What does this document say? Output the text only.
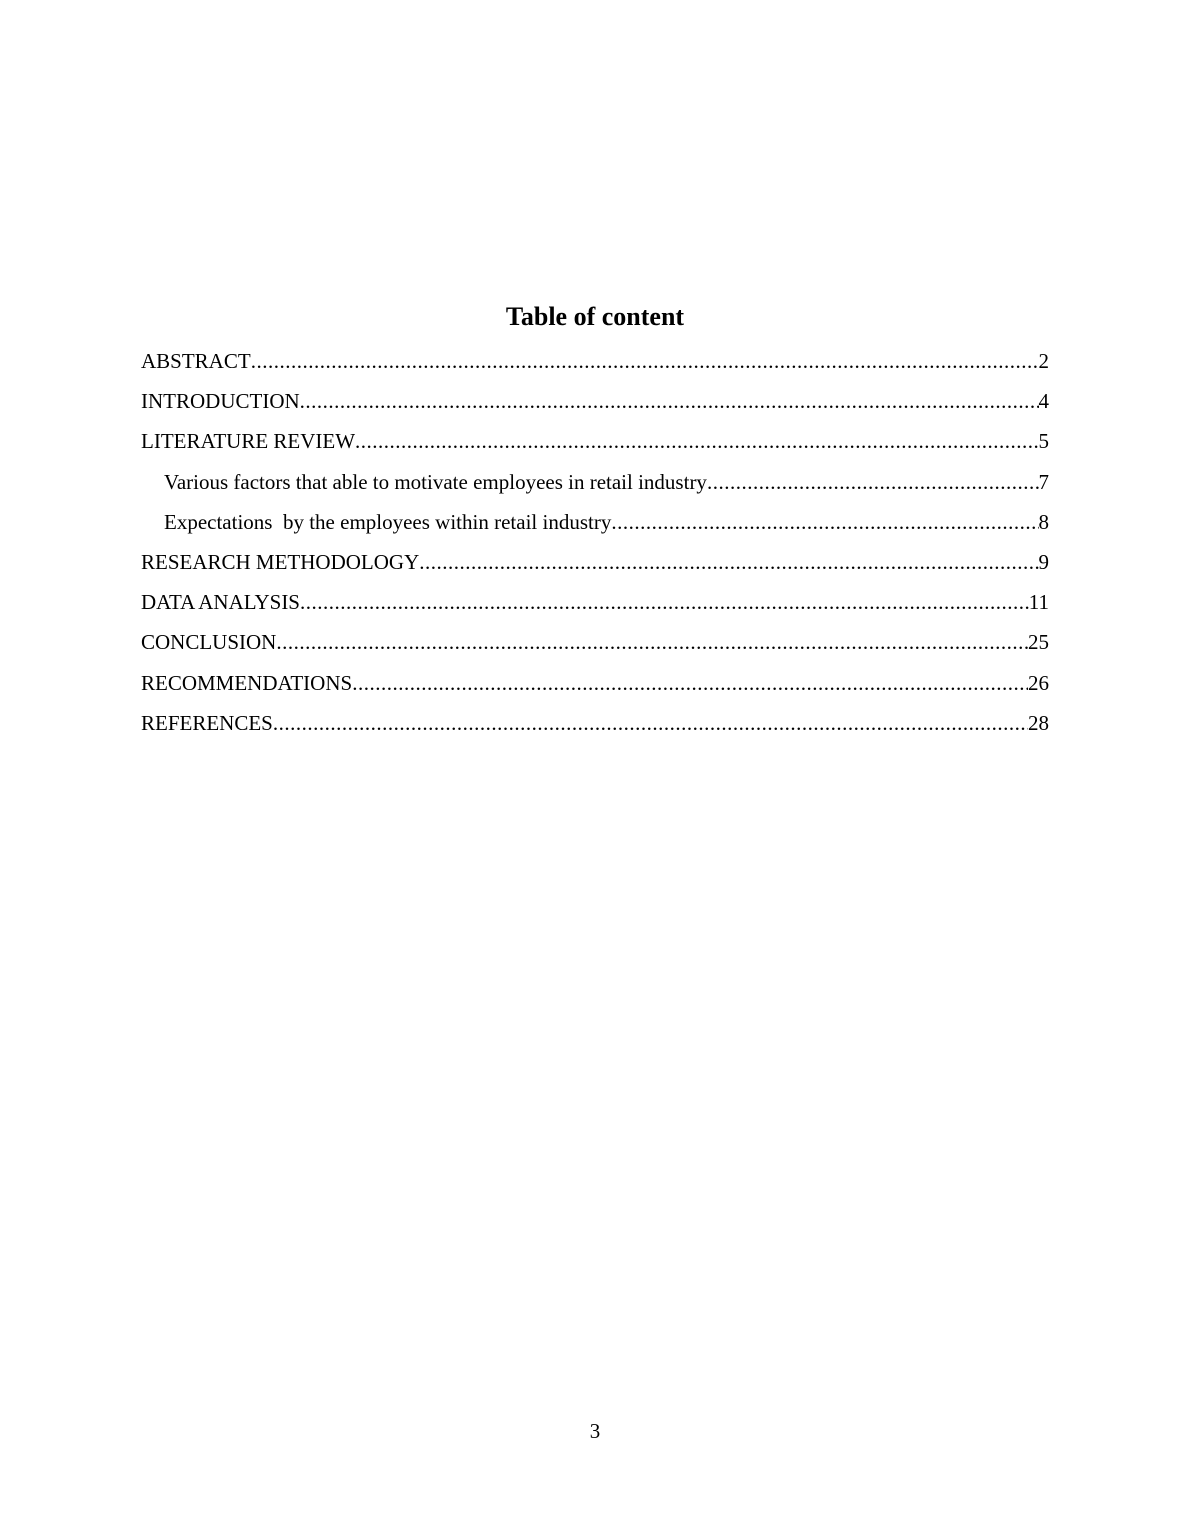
Table of content
ABSTRACT .....	2
INTRODUCTION .....	4
LITERATURE REVIEW .....	5
Various factors that able to motivate employees in retail industry .....	7
Expectations  by the employees within retail industry .....	8
RESEARCH METHODOLOGY .....	9
DATA ANALYSIS .....	11
CONCLUSION .....	25
RECOMMENDATIONS .....	26
REFERENCES .....	28
3
